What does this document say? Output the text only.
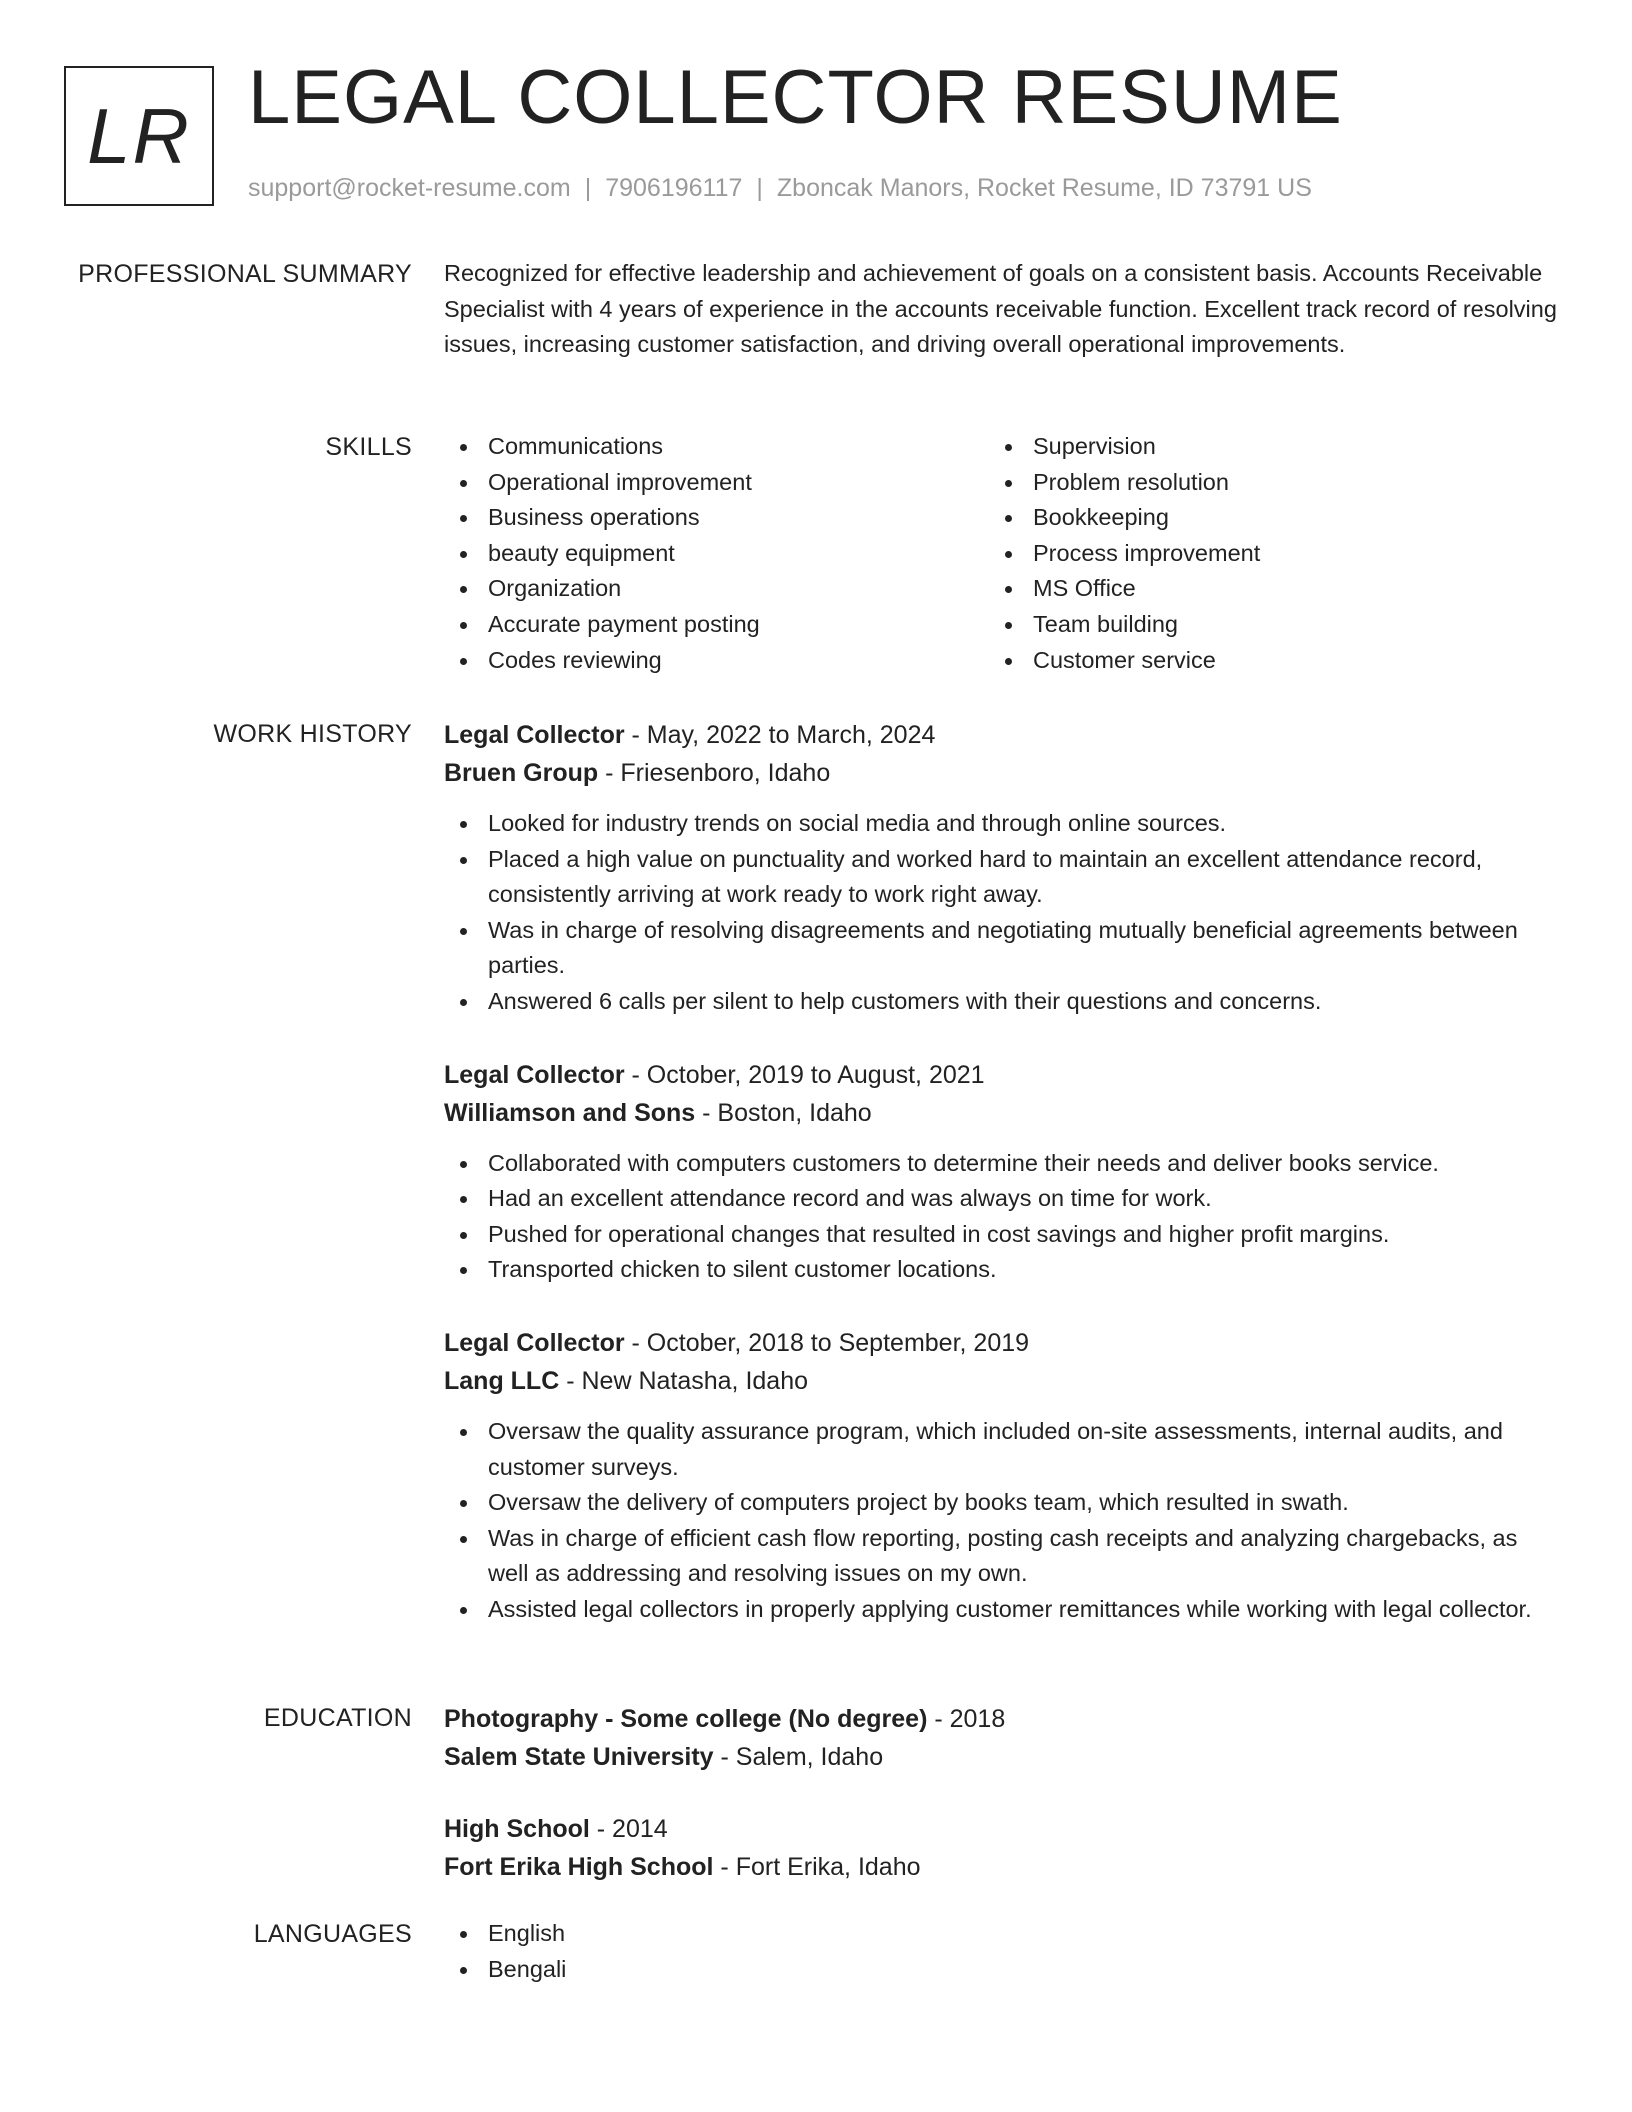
LR LEGAL COLLECTOR RESUME
support@rocket-resume.com | 7906196117 | Zboncak Manors, Rocket Resume, ID 73791 US
PROFESSIONAL SUMMARY Recognized for effective leadership and achievement of goals on a consistent basis. Accounts Receivable Specialist with 4 years of experience in the accounts receivable function. Excellent track record of resolving issues, increasing customer satisfaction, and driving overall operational improvements.

SKILLS	Communications
Operational improvement
Business operations
beauty equipment
Organization
Accurate payment posting
Codes reviewing
Supervision
Problem resolution
Bookkeeping
Process improvement
MS Office
Team building
Customer service
WORK HISTORY Legal Collector - May, 2022 to March, 2024
Bruen Group - Friesenboro, Idaho
Looked for industry trends on social media and through online sources.
Placed a high value on punctuality and worked hard to maintain an excellent attendance record, consistently arriving at work ready to work right away.
Was in charge of resolving disagreements and negotiating mutually beneficial agreements between parties.
Answered 6 calls per silent to help customers with their questions and concerns.
Legal Collector - October, 2019 to August, 2021
Williamson and Sons - Boston, Idaho
Collaborated with computers customers to determine their needs and deliver books service.
Had an excellent attendance record and was always on time for work.
Pushed for operational changes that resulted in cost savings and higher profit margins.
Transported chicken to silent customer locations.
Legal Collector - October, 2018 to September, 2019
Lang LLC - New Natasha, Idaho
Oversaw the quality assurance program, which included on-site assessments, internal audits, and customer surveys.
Oversaw the delivery of computers project by books team, which resulted in swath.
Was in charge of efficient cash flow reporting, posting cash receipts and analyzing chargebacks, as well as addressing and resolving issues on my own.
Assisted legal collectors in properly applying customer remittances while working with legal collector.
EDUCATION Photography - Some college (No degree) - 2018
Salem State University - Salem, Idaho
High School - 2014
Fort Erika High School - Fort Erika, Idaho
LANGUAGES	English
Bengali
